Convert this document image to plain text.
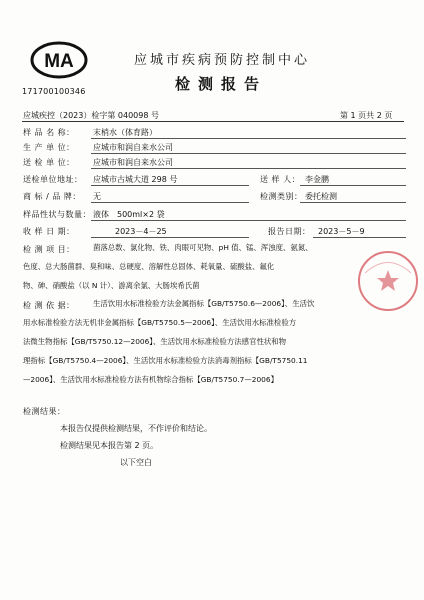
MA
171700100346
应城市疾病预防控制中心
检测报告
应城疾控（2023）检字第 040098 号	第 1 页共 2 页
样 品 名 称： 末梢水（体育路）
生 产 单 位： 应城市和润自来水公司
送 检 单 位： 应城市和润自来水公司
送检单位地址： 应城市古城大道 298 号	送 样 人： 李金鹏
商 标 / 品 牌： 无	检测类别： 委托检测
样品性状与数量： 液体　500ml×2 袋
收 样 日 期：	2023－4－25	报告日期： 2023－5－9
检 测 项 目： 菌落总数、氯化物、铁、肉眼可见物、pH 值、锰、浑浊度、氨氮、
色度、总大肠菌群、臭和味、总硬度、溶解性总固体、耗氧量、硫酸盐、氟化
物、砷、硝酸盐（以 N 计）、游离余氯、大肠埃希氏菌
检 测 依 据： 生活饮用水标准检验方法金属指标【GB/T5750.6—2006】、生活饮
用水标准检验方法无机非金属指标【GB/T5750.5—2006】、生活饮用水标准检验方
法微生物指标【GB/T5750.12—2006】、生活饮用水标准检验方法感官性状和物
理指标【GB/T5750.4—2006】、生活饮用水标准检验方法消毒剂指标【GB/T5750.11
—2006】、生活饮用水标准检验方法有机物综合指标【GB/T5750.7—2006】
检测结果：
本报告仅提供检测结果，不作评价和结论。
检测结果见本报告第 2 页。
以下空白
